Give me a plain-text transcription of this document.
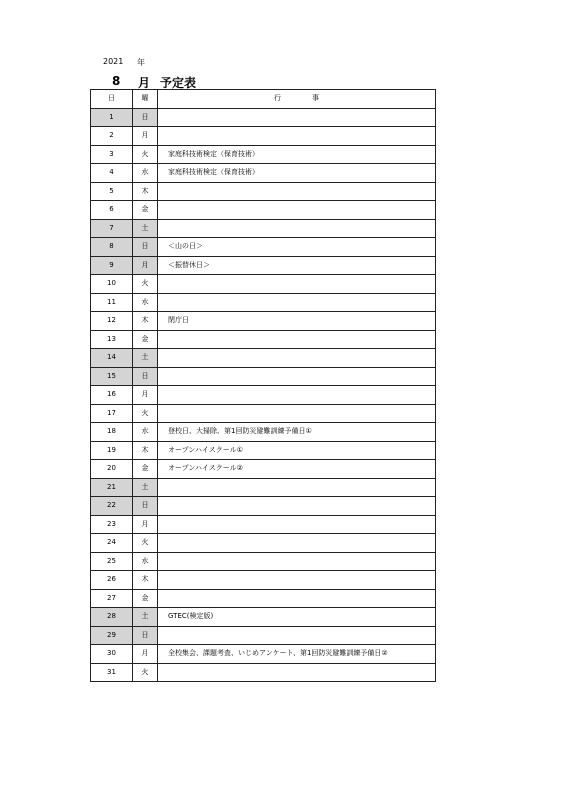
2021 年
8 月 予定表
日	曜	行 事
1	日	
2	月	
3	火	家庭科技術検定（保育技術）
4	水	家庭科技術検定（保育技術）
5	木	
6	金	
7	土	
8	日	＜山の日＞
9	月	＜振替休日＞
10	火	
11	水	
12	木	閉庁日
13	金	
14	土	
15	日	
16	月	
17	火	
18	水	登校日、大掃除、第1回防災避難訓練予備日①
19	木	オープンハイスクール①
20	金	オープンハイスクール②
21	土	
22	日	
23	月	
24	火	
25	水	
26	木	
27	金	
28	土	GTEC(検定版)
29	日	
30	月	全校集会、課題考査、いじめアンケート、第1回防災避難訓練予備日②
31	火	
